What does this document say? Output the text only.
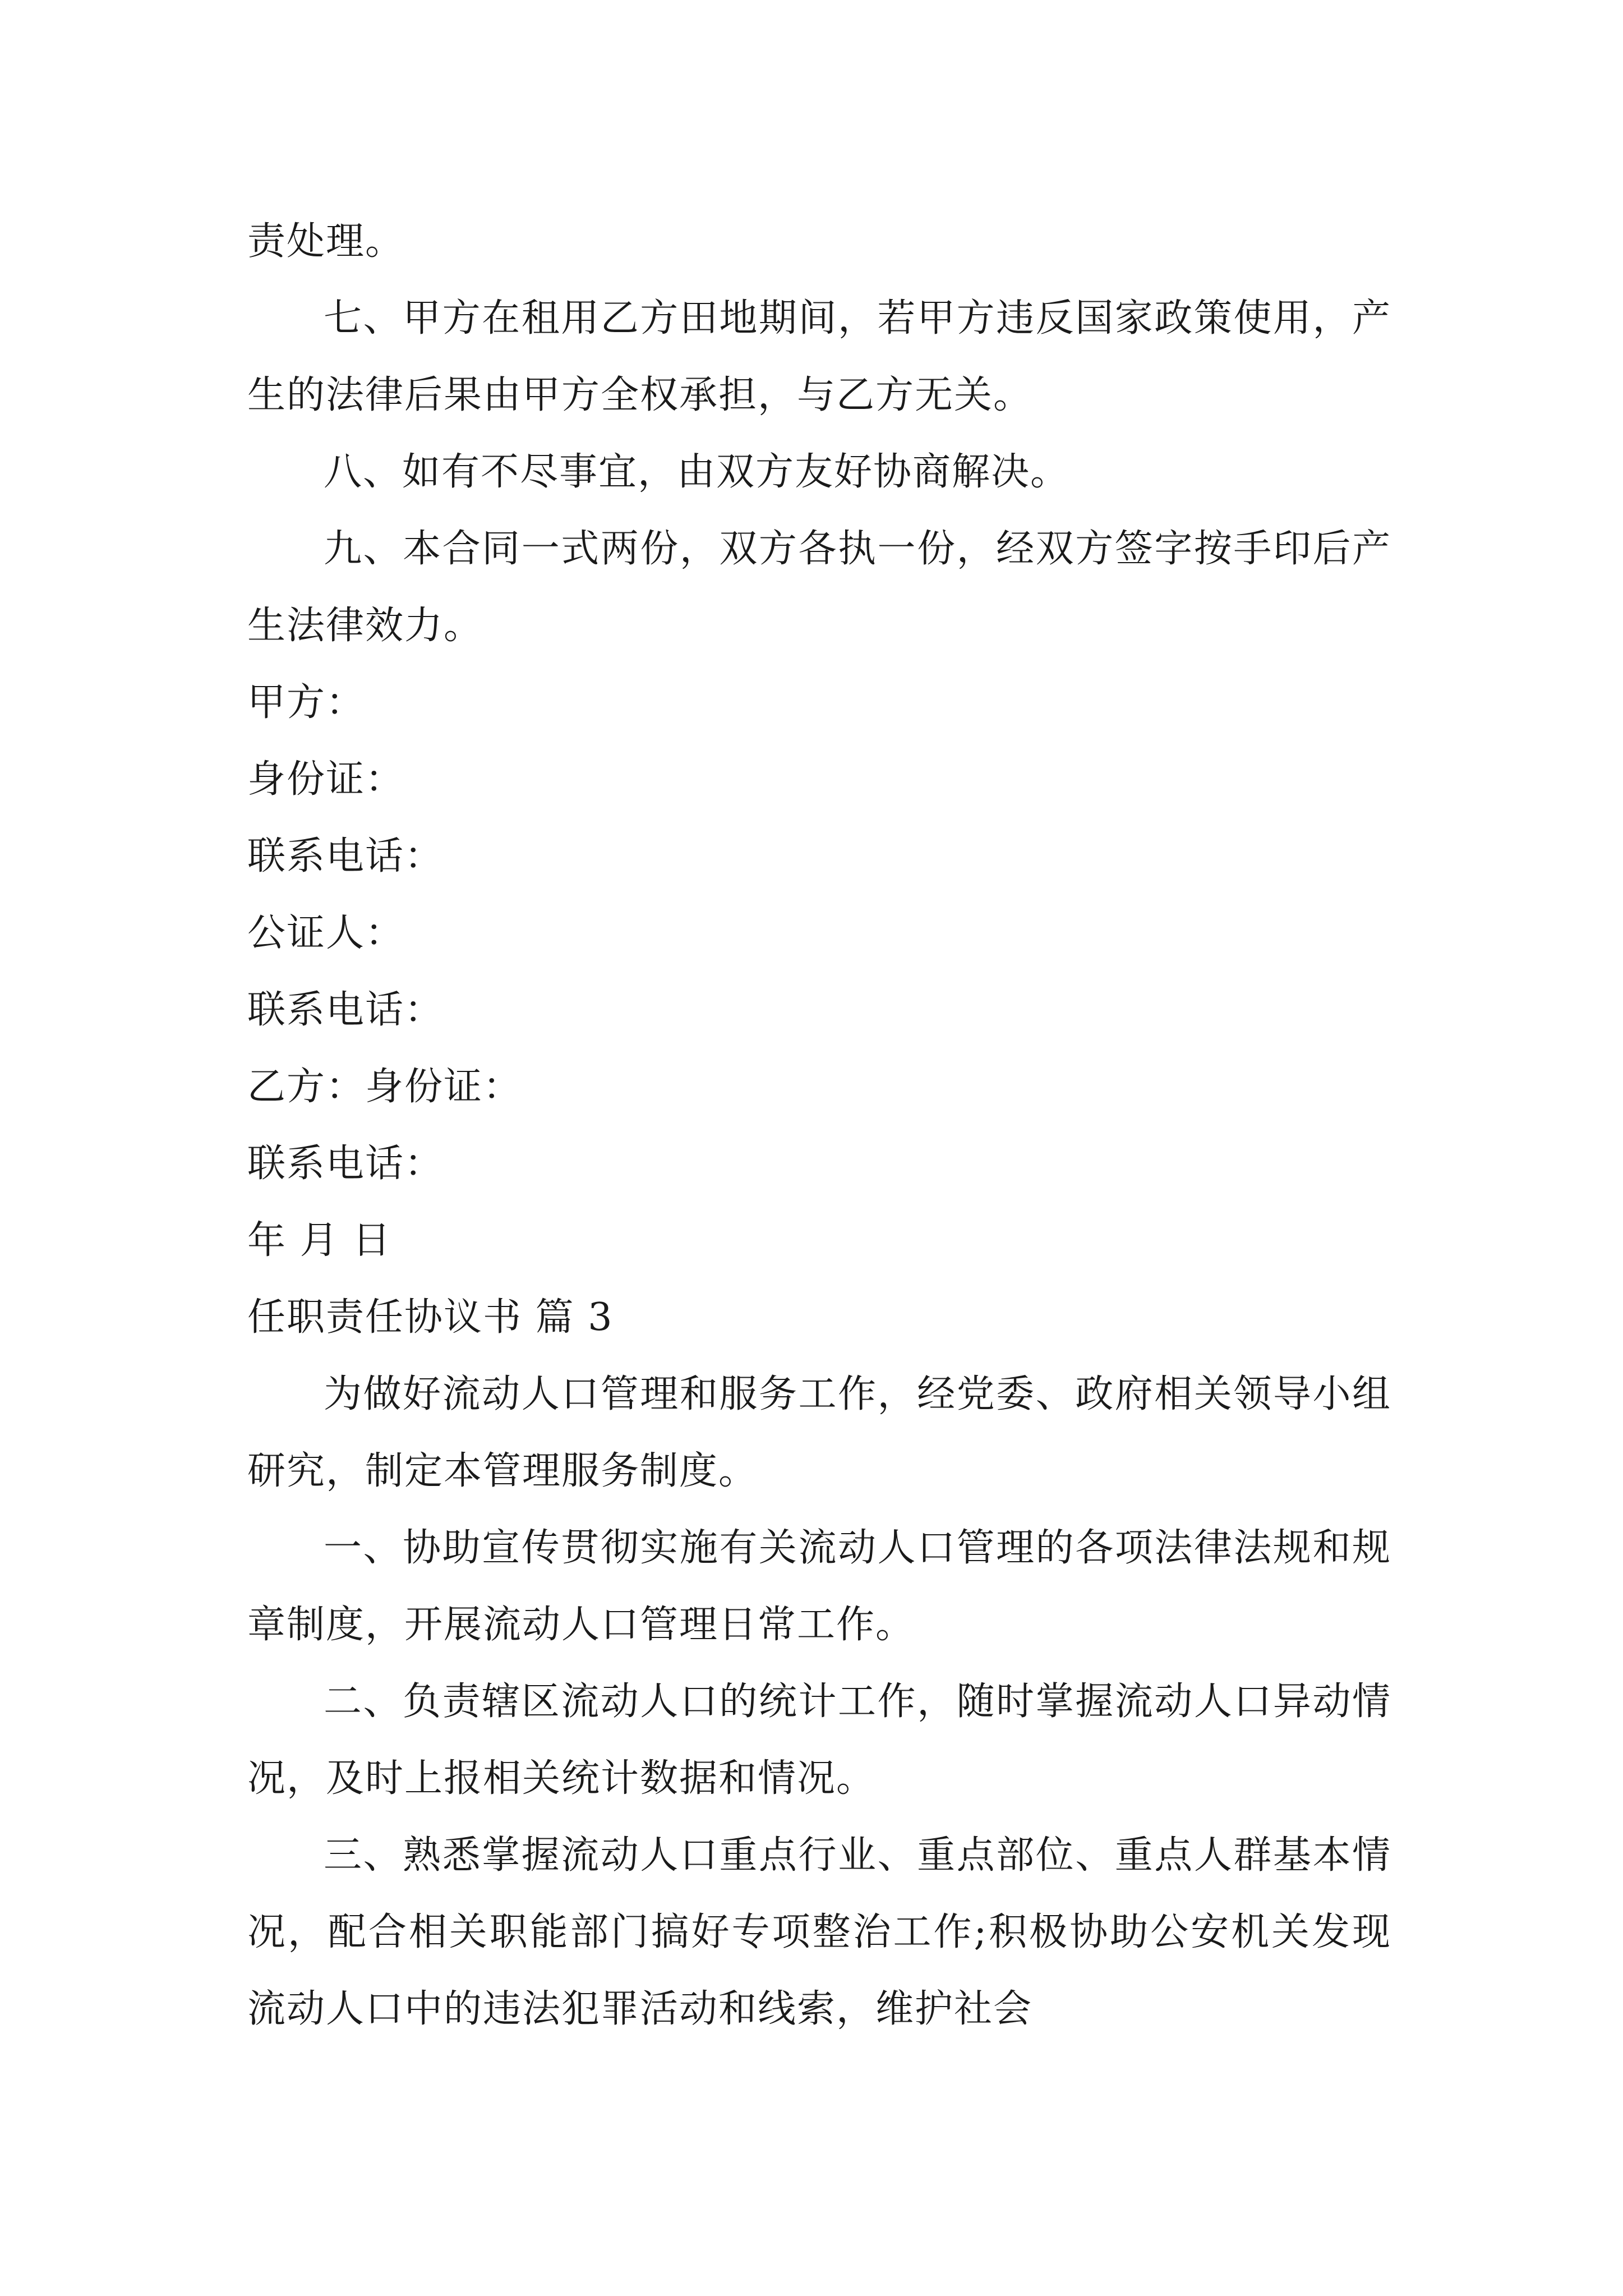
责处理。

七、甲方在租用乙方田地期间，若甲方违反国家政策使用，产生的法律后果由甲方全权承担，与乙方无关。

八、如有不尽事宜，由双方友好协商解决。

九、本合同一式两份，双方各执一份，经双方签字按手印后产生法律效力。

甲方：

身份证：

联系电话：

公证人：

联系电话：

乙方：身份证：

联系电话：

年 月 日

任职责任协议书 篇 3

为做好流动人口管理和服务工作，经党委、政府相关领导小组研究，制定本管理服务制度。

一、协助宣传贯彻实施有关流动人口管理的各项法律法规和规章制度，开展流动人口管理日常工作。

二、负责辖区流动人口的统计工作，随时掌握流动人口异动情况，及时上报相关统计数据和情况。

三、熟悉掌握流动人口重点行业、重点部位、重点人群基本情况，配合相关职能部门搞好专项整治工作;积极协助公安机关发现流动人口中的违法犯罪活动和线索，维护社会
